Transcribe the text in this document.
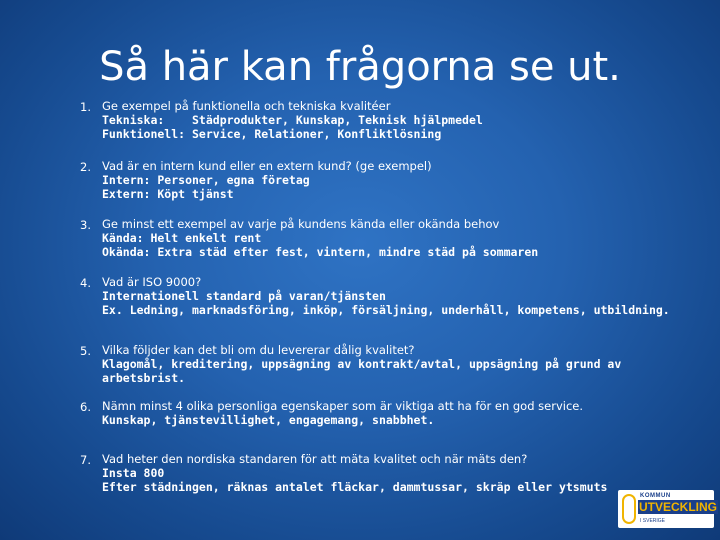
Så här kan frågorna se ut.
1. Ge exempel på funktionella och tekniska kvalitéer
Tekniska:    Städprodukter, Kunskap, Teknisk hjälpmedel
Funktionell: Service, Relationer, Konfliktlösning
2. Vad är en intern kund eller en extern kund? (ge exempel)
Intern: Personer, egna företag
Extern: Köpt tjänst
3. Ge minst ett exempel av varje på kundens kända eller okända behov
Kända: Helt enkelt rent
Okända: Extra städ efter fest, vintern, mindre städ på sommaren
4. Vad är ISO 9000?
Internationell standard på varan/tjänsten
Ex. Ledning, marknadsföring, inköp, försäljning, underhåll, kompetens, utbildning.
5. Vilka följder kan det bli om du levererar dålig kvalitet?
Klagomål, kreditering, uppsägning av kontrakt/avtal, uppsägning på grund av arbetsbrist.
6. Nämn minst 4 olika personliga egenskaper som är viktiga att ha för en god service.
Kunskap, tjänstevillighet, engagemang, snabbhet.
7. Vad heter den nordiska standaren för att mäta kvalitet och när mäts den?
Insta 800
Efter städningen, räknas antalet fläckar, dammtussar, skräp eller ytsmuts
KOMMUN
UTVECKLING
I SVERIGE
